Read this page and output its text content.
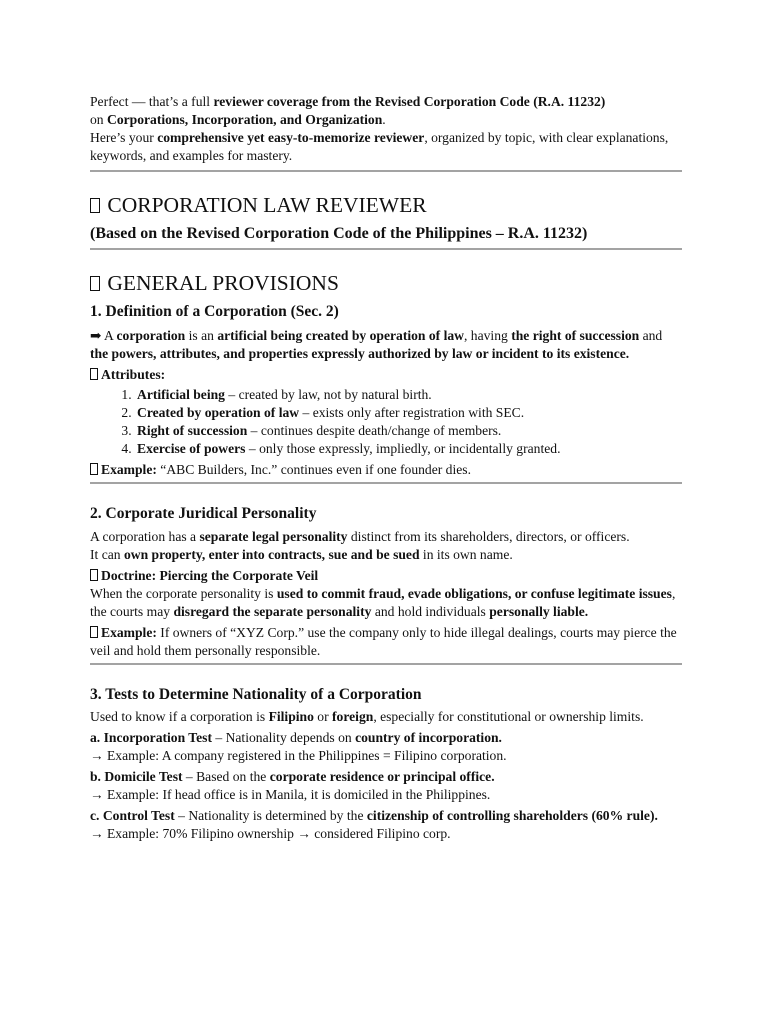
Perfect — that’s a full reviewer coverage from the Revised Corporation Code (R.A. 11232)
on Corporations, Incorporation, and Organization.
Here’s your comprehensive yet easy-to-memorize reviewer, organized by topic, with clear explanations, keywords, and examples for mastery.

CORPORATION LAW REVIEWER
(Based on the Revised Corporation Code of the Philippines – R.A. 11232)
GENERAL PROVISIONS
1. Definition of a Corporation (Sec. 2)

➡ A corporation is an artificial being created by operation of law, having the right of succession and the powers, attributes, and properties expressly authorized by law or incident to its existence.

Attributes:

1. Artificial being – created by law, not by natural birth.
2. Created by operation of law – exists only after registration with SEC.
3. Right of succession – continues despite death/change of members.
4. Exercise of powers – only those expressly, impliedly, or incidentally granted.

Example: “ABC Builders, Inc.” continues even if one founder dies.

2. Corporate Juridical Personality

A corporation has a separate legal personality distinct from its shareholders, directors, or officers.
It can own property, enter into contracts, sue and be sued in its own name.

Doctrine: Piercing the Corporate Veil

When the corporate personality is used to commit fraud, evade obligations, or confuse legitimate issues, the courts may disregard the separate personality and hold individuals personally liable.

Example: If owners of “XYZ Corp.” use the company only to hide illegal dealings, courts may pierce the veil and hold them personally responsible.

3. Tests to Determine Nationality of a Corporation

Used to know if a corporation is Filipino or foreign, especially for constitutional or ownership limits.

a. Incorporation Test – Nationality depends on country of incorporation.
→ Example: A company registered in the Philippines = Filipino corporation.

b. Domicile Test – Based on the corporate residence or principal office.
→ Example: If head office is in Manila, it is domiciled in the Philippines.

c. Control Test – Nationality is determined by the citizenship of controlling shareholders (60% rule).
→ Example: 70% Filipino ownership → considered Filipino corp.
